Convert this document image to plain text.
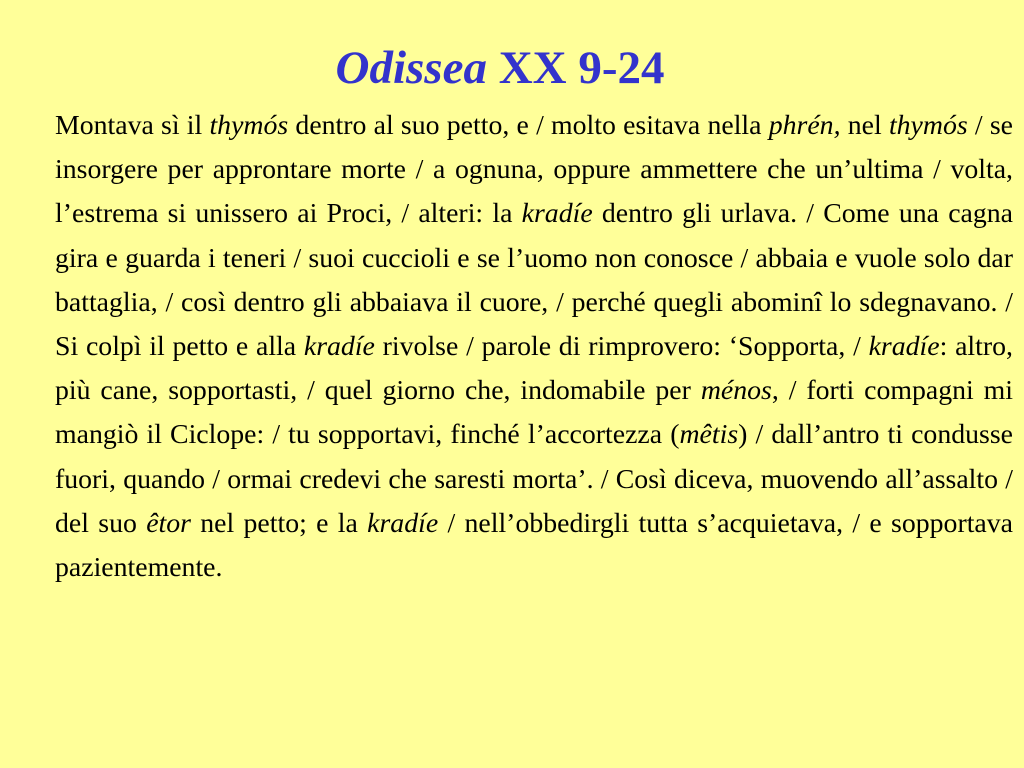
Odissea XX 9-24

Montava sì il thymós dentro al suo petto, e / molto esitava nella phrén, nel thymós / se insorgere per approntare morte / a ognuna, oppure ammettere che un’ultima / volta, l’estrema si unissero ai Proci, / alteri: la kradíe dentro gli urlava. / Come una cagna gira e guarda i teneri / suoi cuccioli e se l’uomo non conosce / abbaia e vuole solo dar battaglia, / così dentro gli abbaiava il cuore, / perché quegli abominî lo sdegnavano. / Si colpì il petto e alla kradíe rivolse / parole di rimprovero: ‘Sopporta, / kradíe: altro, più cane, sopportasti, / quel giorno che, indomabile per ménos, / forti compagni mi mangiò il Ciclope: / tu sopportavi, finché l’accortezza (mêtis) / dall’antro ti condusse fuori, quando / ormai credevi che saresti morta’. / Così diceva, muovendo all’assalto / del suo êtor nel petto; e la kradíe / nell’obbedirgli tutta s’acquietava, / e sopportava pazientemente.
